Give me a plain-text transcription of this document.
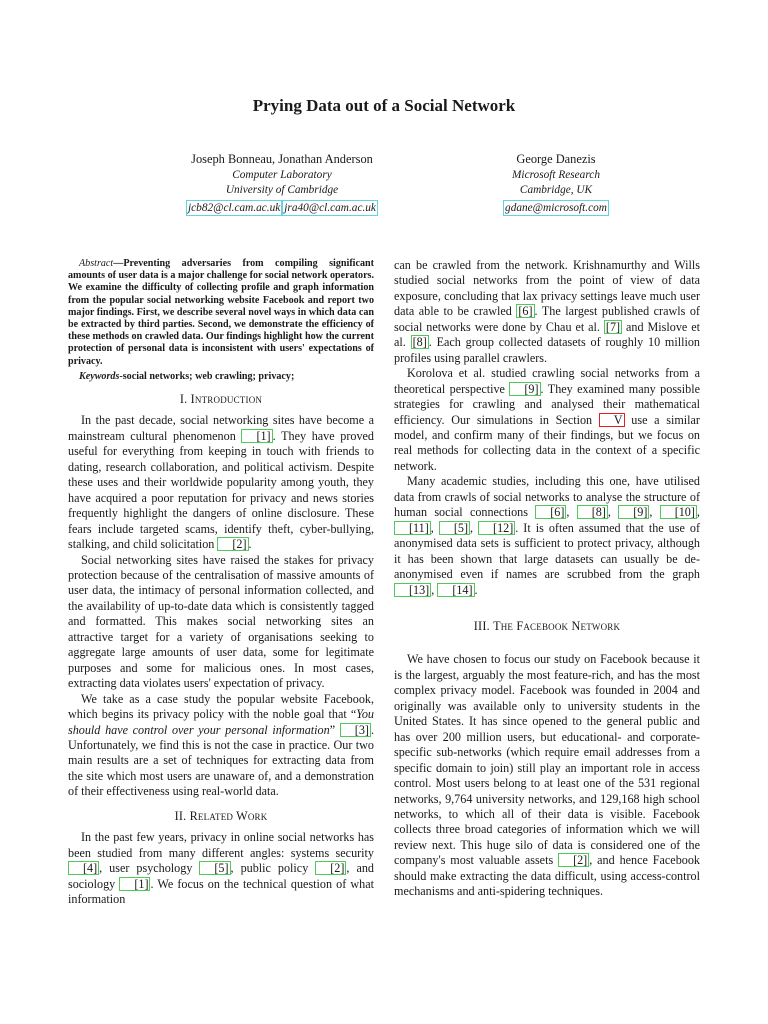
Prying Data out of a Social Network
Joseph Bonneau, Jonathan Anderson
Computer Laboratory
University of Cambridge
jcb82@cl.cam.ac.uk jra40@cl.cam.ac.uk
George Danezis
Microsoft Research
Cambridge, UK
gdane@microsoft.com

Abstract—Preventing adversaries from compiling significant amounts of user data is a major challenge for social network operators. We examine the difficulty of collecting profile and graph information from the popular social networking website Facebook and report two major findings. First, we describe several novel ways in which data can be extracted by third parties. Second, we demonstrate the efficiency of these methods on crawled data. Our findings highlight how the current protection of personal data is inconsistent with users' expectations of privacy.

Keywords-social networks; web crawling; privacy;

I. Introduction

In the past decade, social networking sites have become a mainstream cultural phenomenon [1] . They have proved useful for everything from keeping in touch with friends to dating, research collaboration, and political activism. Despite these uses and their worldwide popularity among youth, they have acquired a poor reputation for privacy and news stories frequently highlight the dangers of online disclosure. These fears include targeted scams, identify theft, cyber-bullying, stalking, and child solicitation [2] .

Social networking sites have raised the stakes for privacy protection because of the centralisation of massive amounts of user data, the intimacy of personal information collected, and the availability of up-to-date data which is consistently tagged and formatted. This makes social networking sites an attractive target for a variety of organisations seeking to aggregate large amounts of user data, some for legitimate purposes and some for malicious ones. In most cases, extracting data violates users' expectation of privacy.

We take as a case study the popular website Facebook, which begins its privacy policy with the noble goal that “You should have control over your personal information” [3] . Unfortunately, we find this is not the case in practice. Our two main results are a set of techniques for extracting data from the site which most users are unaware of, and a demonstration of their effectiveness using real-world data.

II. Related Work

In the past few years, privacy in online social networks has been studied from many different angles: systems security [4] , user psychology [5] , public policy [2] , and sociology [1] . We focus on the technical question of what information

can be crawled from the network. Krishnamurthy and Wills studied social networks from the point of view of data exposure, concluding that lax privacy settings leave much user data able to be crawled [6] . The largest published crawls of social networks were done by Chau et al. [7] and Mislove et al. [8] . Each group collected datasets of roughly 10 million profiles using parallel crawlers.

Korolova et al. studied crawling social networks from a theoretical perspective [9] . They examined many possible strategies for crawling and analysed their mathematical efficiency. Our simulations in Section V use a similar model, and confirm many of their findings, but we focus on real methods for collecting data in the context of a specific network.

Many academic studies, including this one, have utilised data from crawls of social networks to analyse the structure of human social connections [6] , [8] , [9] , [10] , [11] , [5] , [12] . It is often assumed that the use of anonymised data sets is sufficient to protect privacy, although it has been shown that large datasets can usually be de-anonymised even if names are scrubbed from the graph [13] , [14] .

III. The Facebook Network

We have chosen to focus our study on Facebook because it is the largest, arguably the most feature-rich, and has the most complex privacy model. Facebook was founded in 2004 and originally was available only to university students in the United States. It has since opened to the general public and has over 200 million users, but educational- and corporate-specific sub-networks (which require email addresses from a specific domain to join) still play an important role in access control. Most users belong to at least one of the 531 regional networks, 9,764 university networks, and 129,168 high school networks, to which all of their data is visible. Facebook collects three broad categories of information which we will review next. This huge silo of data is considered one of the company's most valuable assets [2] , and hence Facebook should make extracting the data difficult, using access-control mechanisms and anti-spidering techniques.
